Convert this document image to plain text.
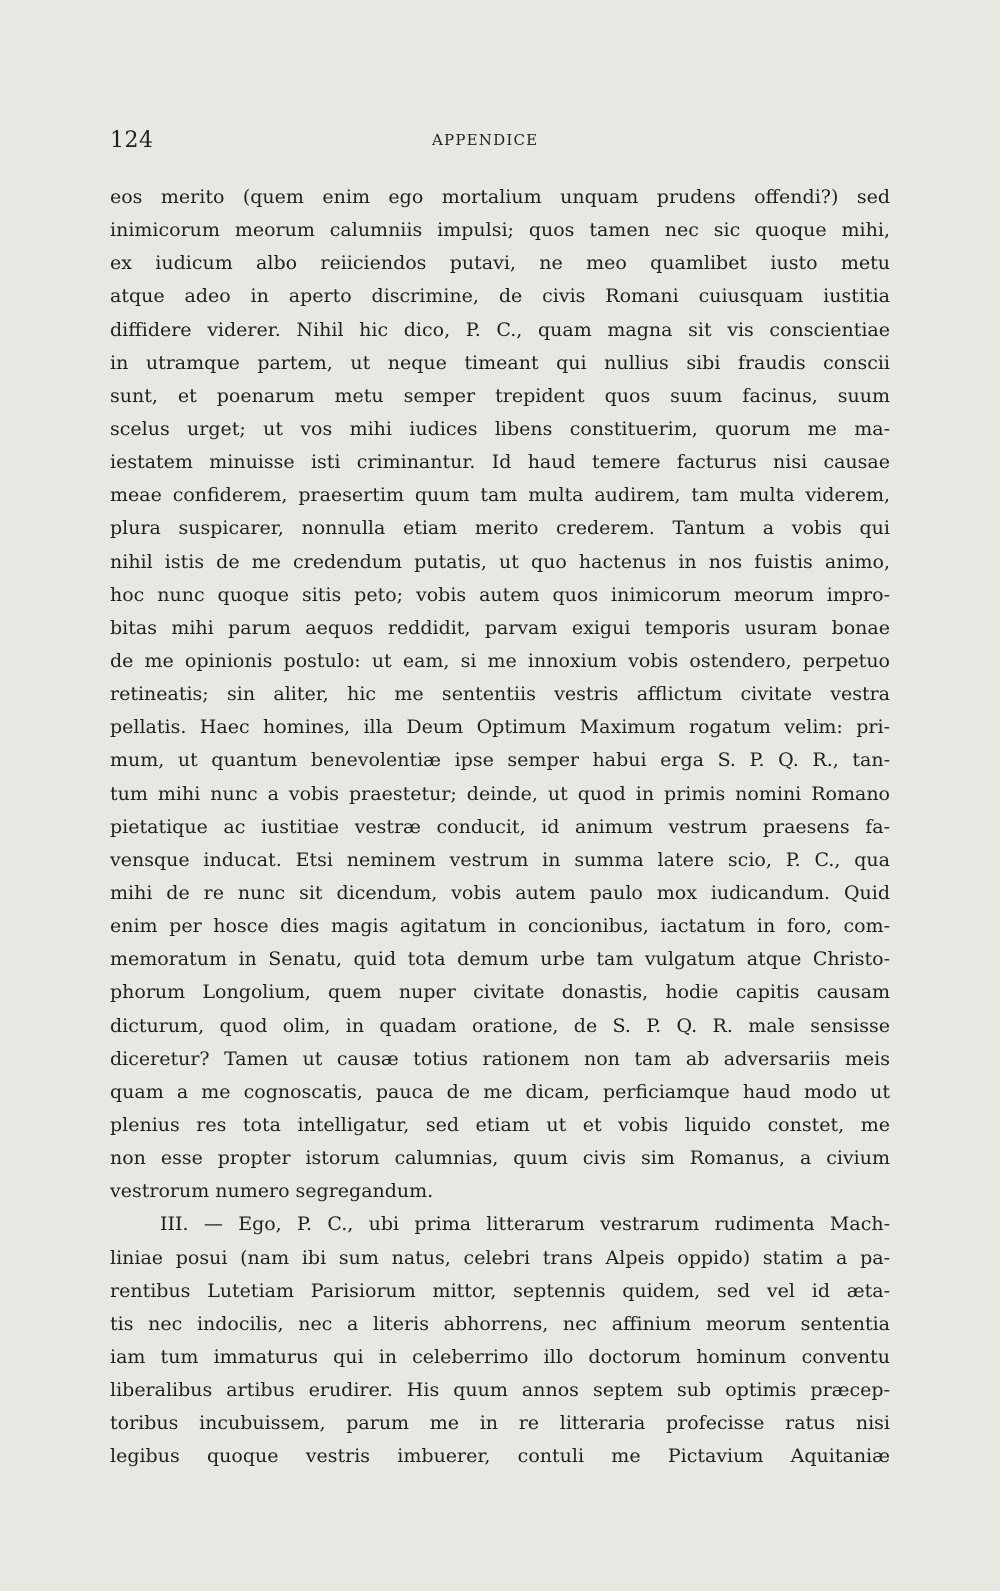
124	APPENDICE
eos merito (quem enim ego mortalium unquam prudens offendi?) sed
inimicorum meorum calumniis impulsi; quos tamen nec sic quoque mihi,
ex iudicum albo reiiciendos putavi, ne meo quamlibet iusto metu
atque adeo in aperto discrimine, de civis Romani cuiusquam iustitia
diffidere viderer. Nihil hic dico, P. C., quam magna sit vis conscientiae
in utramque partem, ut neque timeant qui nullius sibi fraudis conscii
sunt, et poenarum metu semper trepident quos suum facinus, suum
scelus urget; ut vos mihi iudices libens constituerim, quorum me ma-
iestatem minuisse isti criminantur. Id haud temere facturus nisi causae
meae confiderem, praesertim quum tam multa audirem, tam multa viderem,
plura suspicarer, nonnulla etiam merito crederem. Tantum a vobis qui
nihil istis de me credendum putatis, ut quo hactenus in nos fuistis animo,
hoc nunc quoque sitis peto; vobis autem quos inimicorum meorum impro-
bitas mihi parum aequos reddidit, parvam exigui temporis usuram bonae
de me opinionis postulo: ut eam, si me innoxium vobis ostendero, perpetuo
retineatis; sin aliter, hic me sententiis vestris afflictum civitate vestra
pellatis. Haec homines, illa Deum Optimum Maximum rogatum velim: pri-
mum, ut quantum benevolentiæ ipse semper habui erga S. P. Q. R., tan-
tum mihi nunc a vobis praestetur; deinde, ut quod in primis nomini Romano
pietatique ac iustitiae vestræ conducit, id animum vestrum praesens fa-
vensque inducat. Etsi neminem vestrum in summa latere scio, P. C., qua
mihi de re nunc sit dicendum, vobis autem paulo mox iudicandum. Quid
enim per hosce dies magis agitatum in concionibus, iactatum in foro, com-
memoratum in Senatu, quid tota demum urbe tam vulgatum atque Christo-
phorum Longolium, quem nuper civitate donastis, hodie capitis causam
dicturum, quod olim, in quadam oratione, de S. P. Q. R. male sensisse
diceretur? Tamen ut causæ totius rationem non tam ab adversariis meis
quam a me cognoscatis, pauca de me dicam, perficiamque haud modo ut
plenius res tota intelligatur, sed etiam ut et vobis liquido constet, me
non esse propter istorum calumnias, quum civis sim Romanus, a civium
vestrorum numero segregandum.
III. — Ego, P. C., ubi prima litterarum vestrarum rudimenta Mach-
liniae posui (nam ibi sum natus, celebri trans Alpeis oppido) statim a pa-
rentibus Lutetiam Parisiorum mittor, septennis quidem, sed vel id æta-
tis nec indocilis, nec a literis abhorrens, nec affinium meorum sententia
iam tum immaturus qui in celeberrimo illo doctorum hominum conventu
liberalibus artibus erudirer. His quum annos septem sub optimis præcep-
toribus incubuissem, parum me in re litteraria profecisse ratus nisi
legibus quoque vestris imbuerer, contuli me Pictavium Aquitaniæ
